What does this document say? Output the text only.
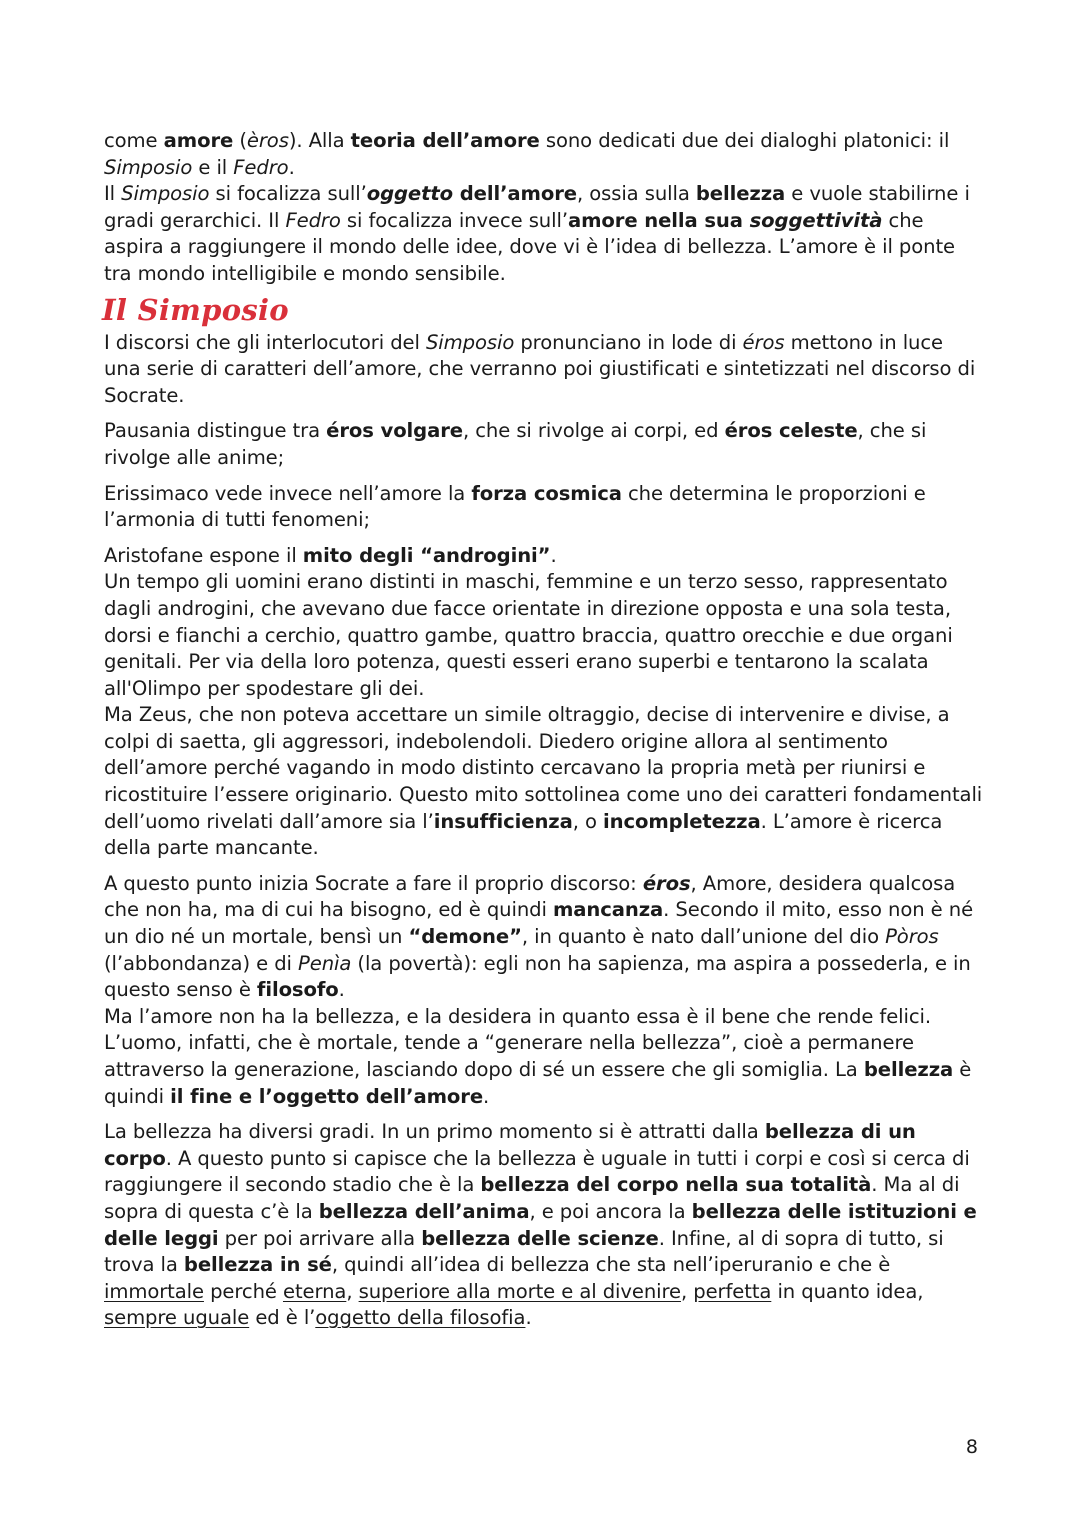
come amore (èros). Alla teoria dell’amore sono dedicati due dei dialoghi platonici: il Simposio e il Fedro.
Il Simposio si focalizza sull’oggetto dell’amore, ossia sulla bellezza e vuole stabilirne i gradi gerarchici. Il Fedro si focalizza invece sull’amore nella sua soggettività che aspira a raggiungere il mondo delle idee, dove vi è l’idea di bellezza. L’amore è il ponte tra mondo intelligibile e mondo sensibile.

Il Simposio

I discorsi che gli interlocutori del Simposio pronunciano in lode di éros mettono in luce una serie di caratteri dell’amore, che verranno poi giustificati e sintetizzati nel discorso di Socrate.

Pausania distingue tra éros volgare, che si rivolge ai corpi, ed éros celeste, che si rivolge alle anime;

Erissimaco vede invece nell’amore la forza cosmica che determina le proporzioni e l’armonia di tutti fenomeni;

Aristofane espone il mito degli “androgini”.
Un tempo gli uomini erano distinti in maschi, femmine e un terzo sesso, rappresentato dagli androgini, che avevano due facce orientate in direzione opposta e una sola testa, dorsi e fianchi a cerchio, quattro gambe, quattro braccia, quattro orecchie e due organi genitali. Per via della loro potenza, questi esseri erano superbi e tentarono la scalata all'Olimpo per spodestare gli dei.
Ma Zeus, che non poteva accettare un simile oltraggio, decise di intervenire e divise, a colpi di saetta, gli aggressori, indebolendoli. Diedero origine allora al sentimento dell’amore perché vagando in modo distinto cercavano la propria metà per riunirsi e ricostituire l’essere originario. Questo mito sottolinea come uno dei caratteri fondamentali dell’uomo rivelati dall’amore sia l’insufficienza, o incompletezza. L’amore è ricerca della parte mancante.

A questo punto inizia Socrate a fare il proprio discorso: éros, Amore, desidera qualcosa che non ha, ma di cui ha bisogno, ed è quindi mancanza. Secondo il mito, esso non è né un dio né un mortale, bensì un “demone”, in quanto è nato dall’unione del dio Pòros (l’abbondanza) e di Penìa (la povertà): egli non ha sapienza, ma aspira a possederla, e in questo senso è filosofo.
Ma l’amore non ha la bellezza, e la desidera in quanto essa è il bene che rende felici. L’uomo, infatti, che è mortale, tende a “generare nella bellezza”, cioè a permanere attraverso la generazione, lasciando dopo di sé un essere che gli somiglia. La bellezza è quindi il fine e l’oggetto dell’amore.

La bellezza ha diversi gradi. In un primo momento si è attratti dalla bellezza di un corpo. A questo punto si capisce che la bellezza è uguale in tutti i corpi e così si cerca di raggiungere il secondo stadio che è la bellezza del corpo nella sua totalità. Ma al di sopra di questa c’è la bellezza dell’anima, e poi ancora la bellezza delle istituzioni e delle leggi per poi arrivare alla bellezza delle scienze. Infine, al di sopra di tutto, si trova la bellezza in sé, quindi all’idea di bellezza che sta nell’iperuranio e che è immortale perché eterna, superiore alla morte e al divenire, perfetta in quanto idea, sempre uguale ed è l’oggetto della filosofia.

8
